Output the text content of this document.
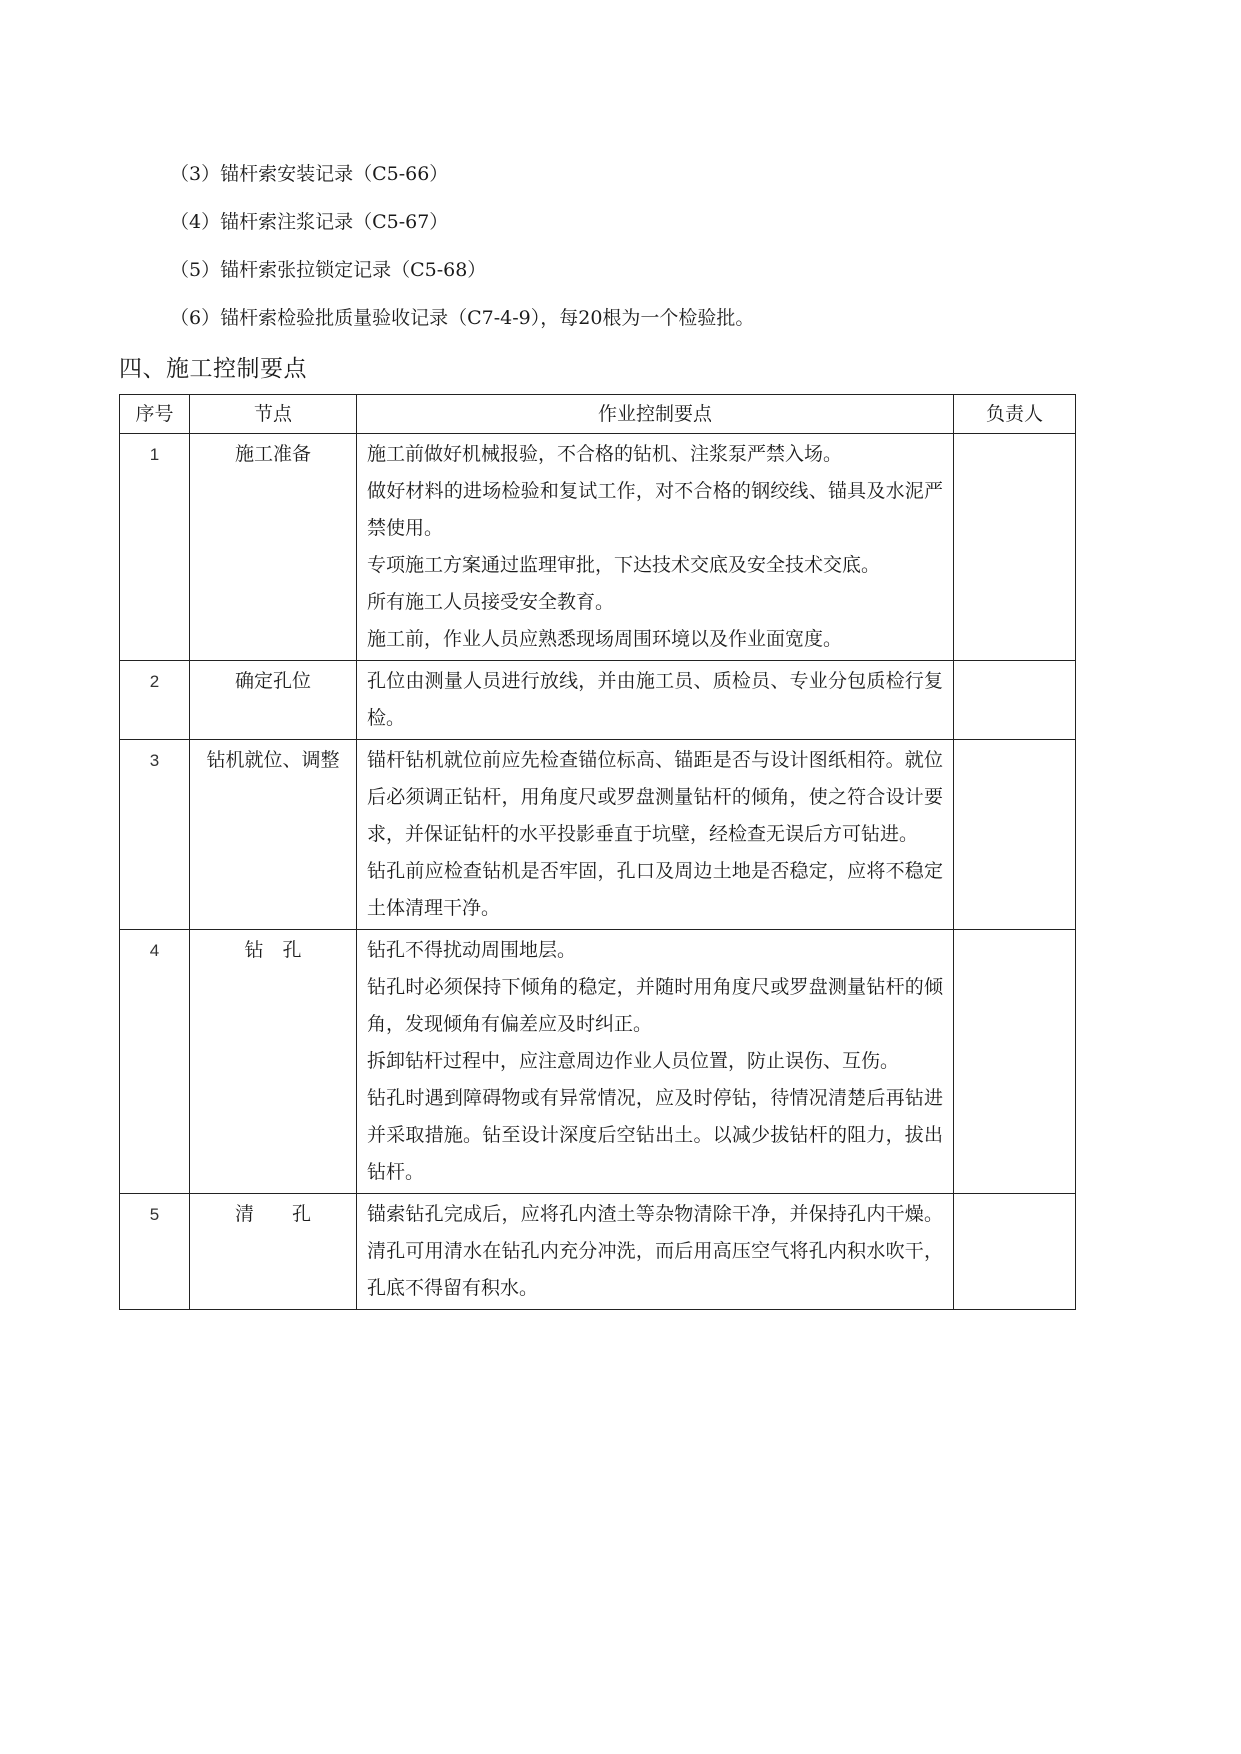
（3）锚杆索安装记录（C5-66）
（4）锚杆索注浆记录（C5-67）
（5）锚杆索张拉锁定记录（C5-68）
（6）锚杆索检验批质量验收记录（C7-4-9），每20根为一个检验批。
四、施工控制要点
序号	节点	作业控制要点	负责人
1	施工准备	施工前做好机械报验，不合格的钻机、注浆泵严禁入场。
做好材料的进场检验和复试工作，对不合格的钢绞线、锚具及水泥严禁使用。
专项施工方案通过监理审批，下达技术交底及安全技术交底。
所有施工人员接受安全教育。
施工前，作业人员应熟悉现场周围环境以及作业面宽度。	

2	确定孔位	孔位由测量人员进行放线，并由施工员、质检员、专业分包质检行复检。	

3	钻机就位、调整	锚杆钻机就位前应先检查锚位标高、锚距是否与设计图纸相符。就位后必须调正钻杆，用角度尺或罗盘测量钻杆的倾角，使之符合设计要求，并保证钻杆的水平投影垂直于坑壁，经检查无误后方可钻进。
钻孔前应检查钻机是否牢固，孔口及周边土地是否稳定，应将不稳定土体清理干净。	

4	钻　孔	钻孔不得扰动周围地层。
钻孔时必须保持下倾角的稳定，并随时用角度尺或罗盘测量钻杆的倾角，发现倾角有偏差应及时纠正。
拆卸钻杆过程中，应注意周边作业人员位置，防止误伤、互伤。
钻孔时遇到障碍物或有异常情况，应及时停钻，待情况清楚后再钻进并采取措施。钻至设计深度后空钻出土。以减少拔钻杆的阻力，拔出钻杆。	

5	清　　孔	锚索钻孔完成后，应将孔内渣土等杂物清除干净，并保持孔内干燥。清孔可用清水在钻孔内充分冲洗，而后用高压空气将孔内积水吹干，孔底不得留有积水。	
